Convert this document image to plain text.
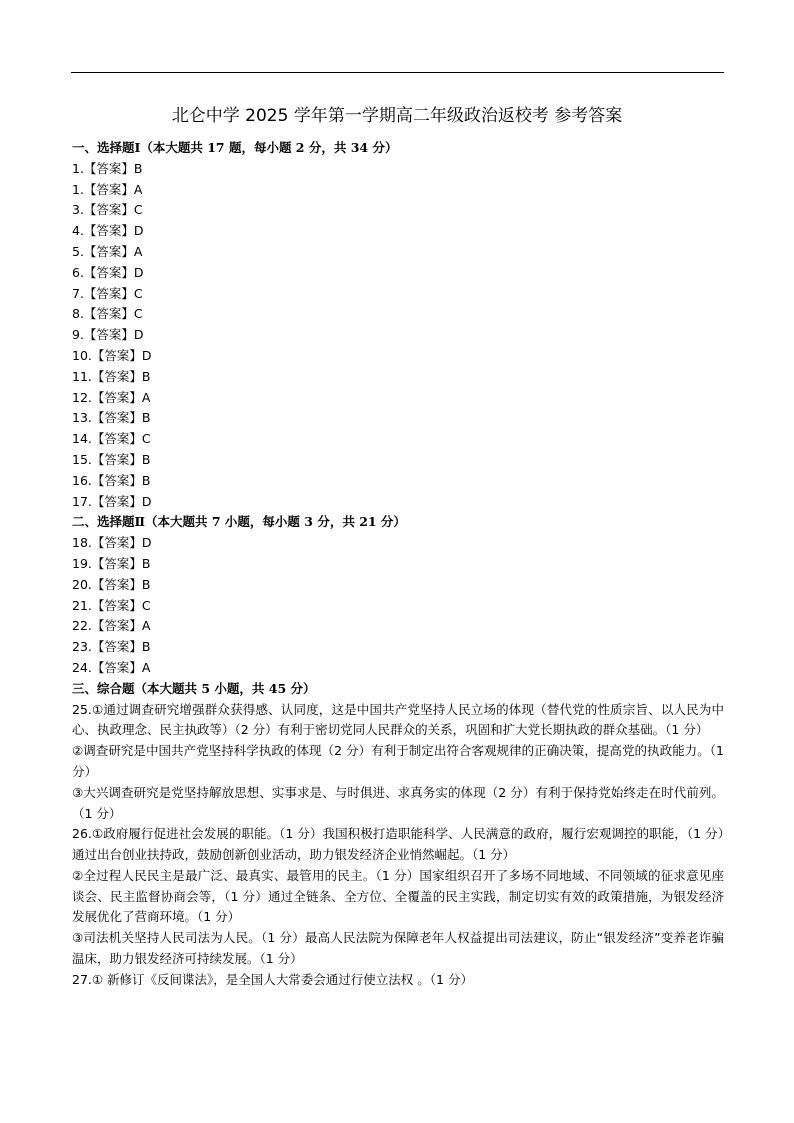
北仑中学 2025 学年第一学期高二年级政治返校考 参考答案
一、选择题Ⅰ（本大题共 17 题，每小题 2 分，共 34 分）
1.【答案】B
1.【答案】A
3.【答案】C
4.【答案】D
5.【答案】A
6.【答案】D
7.【答案】C
8.【答案】C
9.【答案】D
10.【答案】D
11.【答案】B
12.【答案】A
13.【答案】B
14.【答案】C
15.【答案】B
16.【答案】B
17.【答案】D
二、选择题Ⅱ（本大题共 7 小题，每小题 3 分，共 21 分）
18.【答案】D
19.【答案】B
20.【答案】B
21.【答案】C
22.【答案】A
23.【答案】B
24.【答案】A
三、综合题（本大题共 5 小题，共 45 分）
25.①通过调查研究增强群众获得感、认同度，这是中国共产党坚持人民立场的体现（替代党的性质宗旨、以人民为中心、执政理念、民主执政等）（2 分）有利于密切党同人民群众的关系，巩固和扩大党长期执政的群众基础。（1 分）
②调查研究是中国共产党坚持科学执政的体现（2 分）有利于制定出符合客观规律的正确决策，提高党的执政能力。（1 分）
③大兴调查研究是党坚持解放思想、实事求是、与时俱进、求真务实的体现（2 分）有利于保持党始终走在时代前列。（1 分）
26.①政府履行促进社会发展的职能。（1 分）我国积极打造职能科学、人民满意的政府，履行宏观调控的职能，（1 分）通过出台创业扶持政，鼓励创新创业活动，助力银发经济企业悄然崛起。（1 分）
②全过程人民民主是最广泛、最真实、最管用的民主。（1 分）国家组织召开了多场不同地域、不同领域的征求意见座谈会、民主监督协商会等，（1 分）通过全链条、全方位、全覆盖的民主实践，制定切实有效的政策措施，为银发经济发展优化了营商环境。（1 分）
③司法机关坚持人民司法为人民。（1 分）最高人民法院为保障老年人权益提出司法建议，防止“银发经济”变养老诈骗温床，助力银发经济可持续发展。（1 分）
27.① 新修订《反间谍法》，是全国人大常委会通过行使立法权 。（1 分）
